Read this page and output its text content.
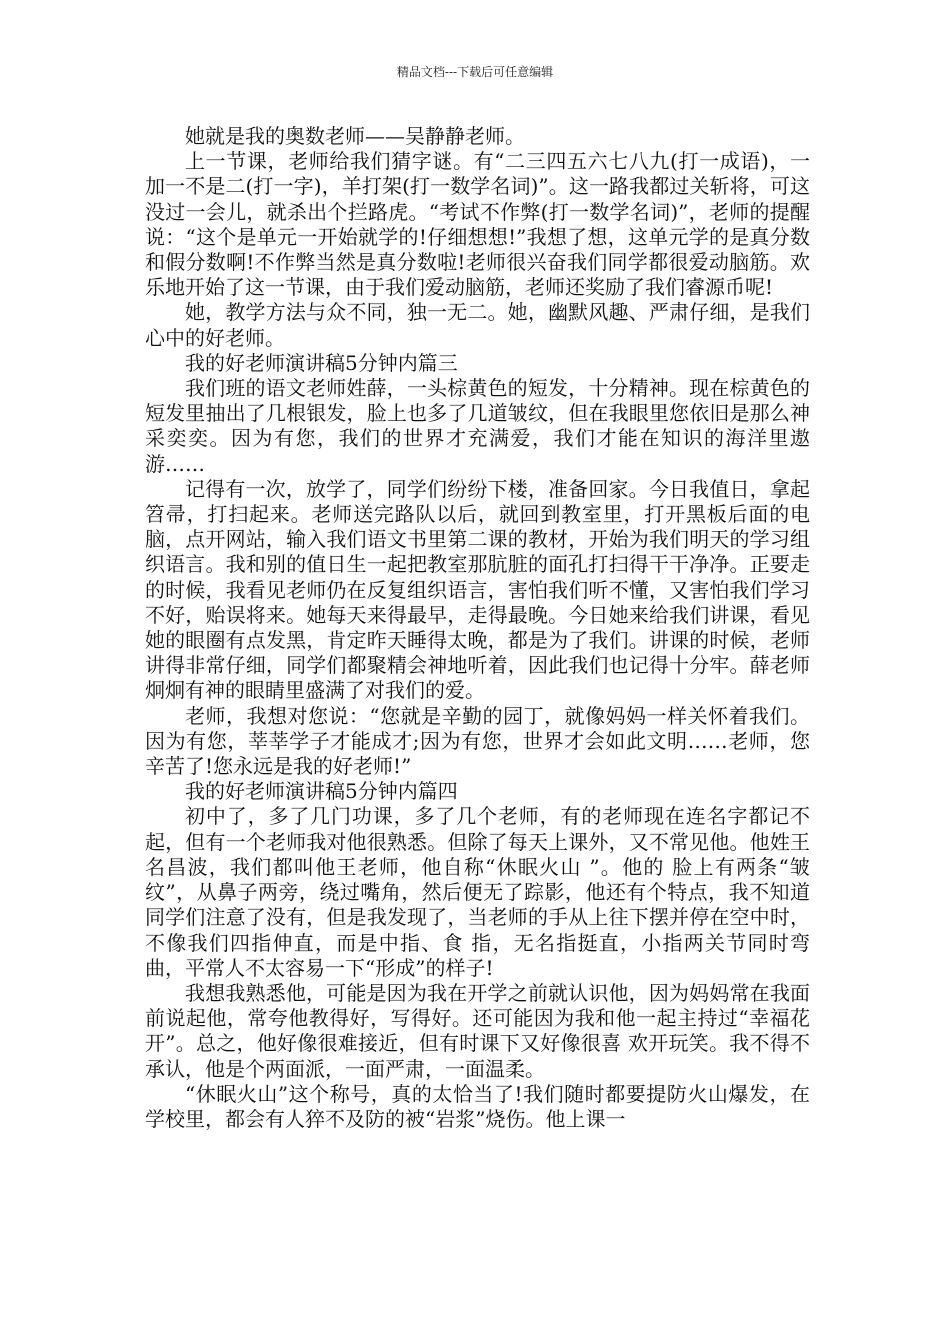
精品文档---下载后可任意编辑

她就是我的奥数老师——吴静静老师。

上一节课，老师给我们猜字谜。有“二三四五六七八九(打一成语)，一加一不是二(打一字)，羊打架(打一数学名词)”。这一路我都过关斩将，可这没过一会儿，就杀出个拦路虎。“考试不作弊(打一数学名词)”，老师的提醒说：“这个是单元一开始就学的!仔细想想!”我想了想，这单元学的是真分数和假分数啊!不作弊当然是真分数啦!老师很兴奋我们同学都很爱动脑筋。欢乐地开始了这一节课，由于我们爱动脑筋，老师还奖励了我们睿源币呢!

她，教学方法与众不同，独一无二。她，幽默风趣、严肃仔细，是我们心中的好老师。

我的好老师演讲稿5分钟内篇三

我们班的语文老师姓薛，一头棕黄色的短发，十分精神。现在棕黄色的短发里抽出了几根银发，脸上也多了几道皱纹，但在我眼里您依旧是那么神采奕奕。因为有您，我们的世界才充满爱，我们才能在知识的海洋里遨游……

记得有一次，放学了，同学们纷纷下楼，准备回家。今日我值日，拿起笤帚，打扫起来。老师送完路队以后，就回到教室里，打开黑板后面的电脑，点开网站，输入我们语文书里第二课的教材，开始为我们明天的学习组织语言。我和别的值日生一起把教室那肮脏的面孔打扫得干干净净。正要走的时候，我看见老师仍在反复组织语言，害怕我们听不懂，又害怕我们学习不好，贻误将来。她每天来得最早，走得最晚。今日她来给我们讲课，看见她的眼圈有点发黑，肯定昨天睡得太晚，都是为了我们。讲课的时候，老师讲得非常仔细，同学们都聚精会神地听着，因此我们也记得十分牢。薛老师炯炯有神的眼睛里盛满了对我们的爱。

老师，我想对您说：“您就是辛勤的园丁，就像妈妈一样关怀着我们。因为有您，莘莘学子才能成才;因为有您，世界才会如此文明……老师，您辛苦了!您永远是我的好老师!”

我的好老师演讲稿5分钟内篇四

初中了，多了几门功课，多了几个老师，有的老师现在连名字都记不起，但有一个老师我对他很熟悉。但除了每天上课外，又不常见他。他姓王名昌波，我们都叫他王老师，他自称“休眠火山 ”。他的 脸上有两条“皱纹”，从鼻子两旁，绕过嘴角，然后便无了踪影，他还有个特点，我不知道同学们注意了没有，但是我发现了，当老师的手从上往下摆并停在空中时，不像我们四指伸直，而是中指、食 指，无名指挺直，小指两关节同时弯曲，平常人不太容易一下“形成”的样子!

我想我熟悉他，可能是因为我在开学之前就认识他，因为妈妈常在我面前说起他，常夸他教得好，写得好。还可能因为我和他一起主持过“幸福花开”。总之，他好像很难接近，但有时课下又好像很喜 欢开玩笑。我不得不承认，他是个两面派，一面严肃，一面温柔。

“休眠火山”这个称号，真的太恰当了!我们随时都要提防火山爆发，在学校里，都会有人猝不及防的被“岩浆”烧伤。他上课一
